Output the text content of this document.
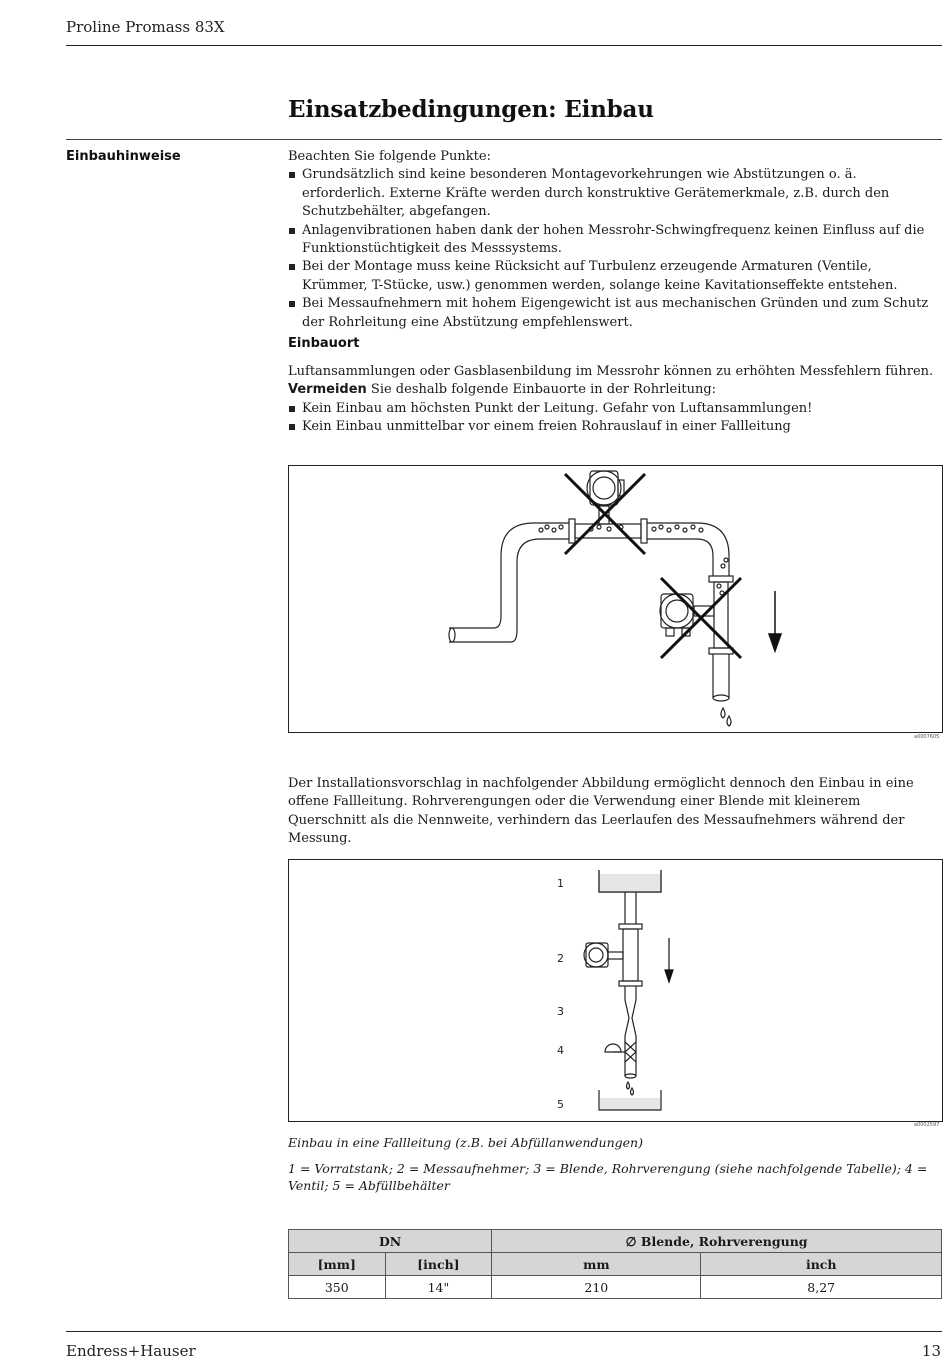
Proline Promass 83X
Einsatzbedingungen: Einbau
Einbauhinweise	Beachten Sie folgende Punkte:

Grundsätzlich sind keine besonderen Montagevorkehrungen wie Abstützungen o. ä. erforderlich. Externe Kräfte werden durch konstruktive Gerätemerkmale, z.B. durch den Schutzbehälter, abgefangen.
Anlagenvibrationen haben dank der hohen Messrohr-Schwingfrequenz keinen Einfluss auf die Funktionstüchtigkeit des Messsystems.
Bei der Montage muss keine Rücksicht auf Turbulenz erzeugende Armaturen (Ventile, Krümmer, T-Stücke, usw.) genommen werden, solange keine Kavitationseffekte entstehen.
Bei Messaufnehmern mit hohem Eigengewicht ist aus mechanischen Gründen und zum Schutz der Rohrleitung eine Abstützung empfehlenswert.
Einbauort

Luftansammlungen oder Gasblasenbildung im Messrohr können zu erhöhten Messfehlern führen.

Vermeiden Sie deshalb folgende Einbauorte in der Rohrleitung:

Kein Einbau am höchsten Punkt der Leitung. Gefahr von Luftansammlungen!
Kein Einbau unmittelbar vor einem freien Rohrauslauf in einer Fallleitung
a0007605

Der Installationsvorschlag in nachfolgender Abbildung ermöglicht dennoch den Einbau in eine offene Fallleitung. Rohrverengungen oder die Verwendung einer Blende mit kleinerem Querschnitt als die Nennweite, verhindern das Leerlaufen des Messaufnehmers während der Messung.

1
2
3
4
5
a0002597
Einbau in eine Fallleitung (z.B. bei Abfüllanwendungen)
1 = Vorratstank; 2 = Messaufnehmer; 3 = Blende, Rohrverengung (siehe nachfolgende Tabelle); 4 = Ventil; 5 = Abfüllbehälter
DN		∅ Blende, Rohrverengung	
[mm]	[inch]	mm	inch
350	14"	210	8,27
Endress+Hauser	13
